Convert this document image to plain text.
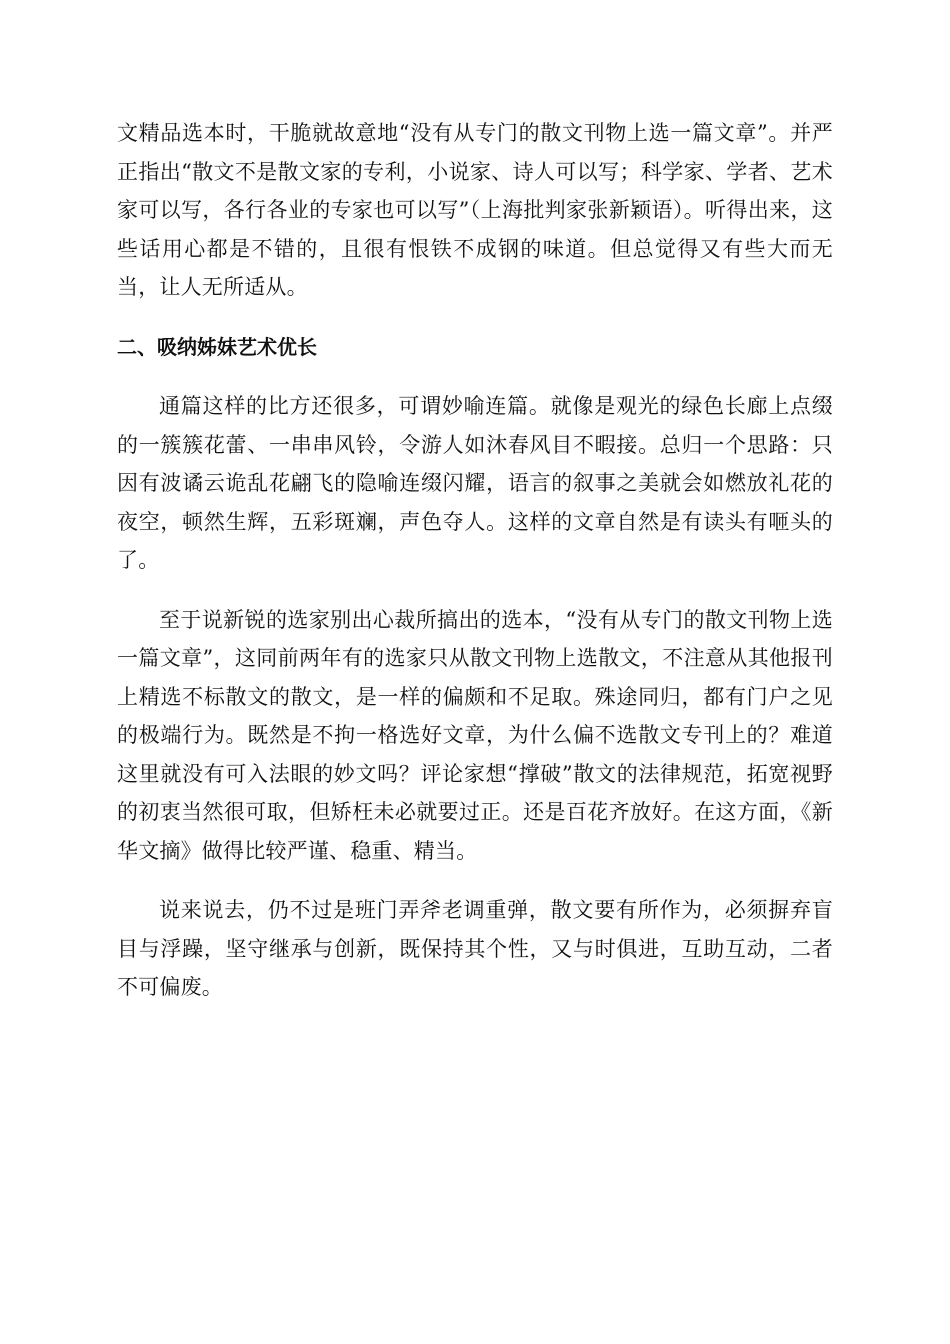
文精品选本时，干脆就故意地“没有从专门的散文刊物上选一篇文章”。并严正指出“散文不是散文家的专利，小说家、诗人可以写；科学家、学者、艺术家可以写，各行各业的专家也可以写”（上海批判家张新颖语）。听得出来，这些话用心都是不错的，且很有恨铁不成钢的味道。但总觉得又有些大而无当，让人无所适从。

二、吸纳姊妹艺术优长

通篇这样的比方还很多，可谓妙喻连篇。就像是观光的绿色长廊上点缀的一簇簇花蕾、一串串风铃，令游人如沐春风目不暇接。总归一个思路：只因有波谲云诡乱花翩飞的隐喻连缀闪耀，语言的叙事之美就会如燃放礼花的夜空，顿然生辉，五彩斑斓，声色夺人。这样的文章自然是有读头有咂头的了。

至于说新锐的选家别出心裁所搞出的选本，“没有从专门的散文刊物上选一篇文章”，这同前两年有的选家只从散文刊物上选散文，不注意从其他报刊上精选不标散文的散文，是一样的偏颇和不足取。殊途同归，都有门户之见的极端行为。既然是不拘一格选好文章，为什么偏不选散文专刊上的？难道这里就没有可入法眼的妙文吗？评论家想“撑破”散文的法律规范，拓宽视野的初衷当然很可取，但矫枉未必就要过正。还是百花齐放好。在这方面，《新华文摘》做得比较严谨、稳重、精当。

说来说去，仍不过是班门弄斧老调重弹，散文要有所作为，必须摒弃盲目与浮躁，坚守继承与创新，既保持其个性，又与时俱进，互助互动，二者不可偏废。
